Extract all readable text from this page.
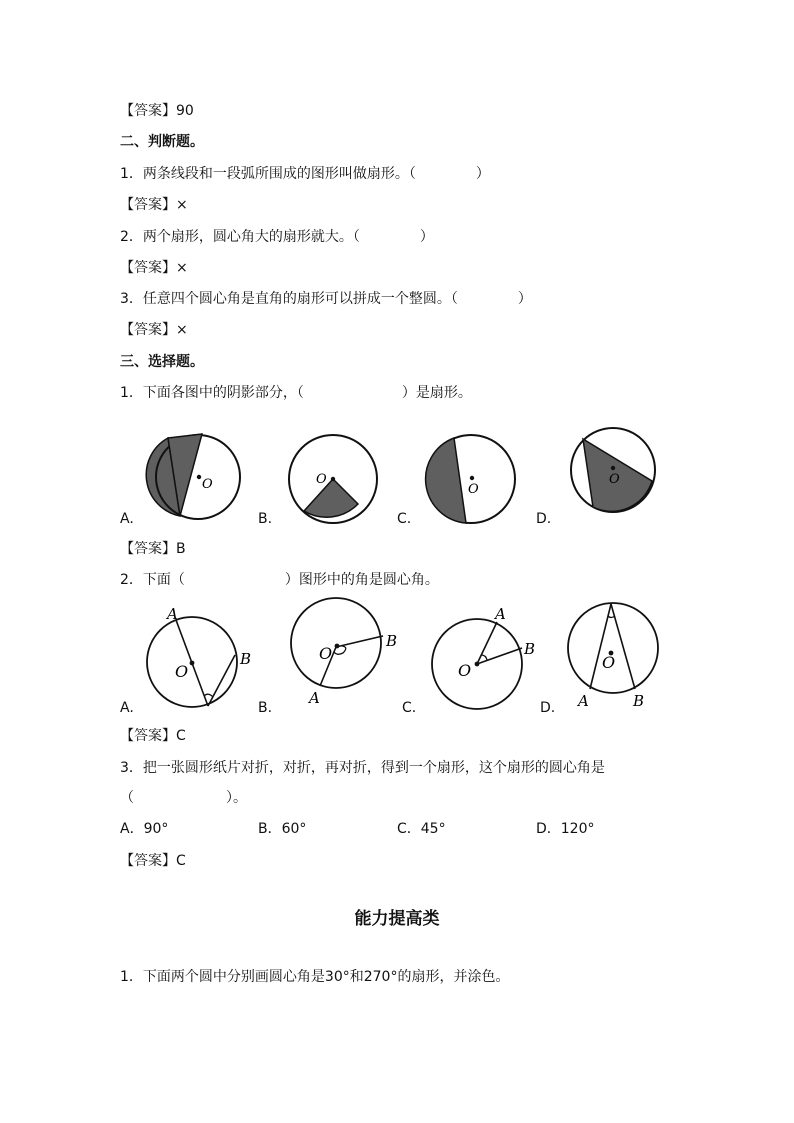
【答案】90
二、判断题。
1．两条线段和一段弧所围成的图形叫做扇形。（	）
【答案】×
2．两个扇形，圆心角大的扇形就大。（	）
【答案】×
3．任意四个圆心角是直角的扇形可以拼成一个整圆。（	）
【答案】×
三、选择题。
1．下面各图中的阴影部分，（	）是扇形。
O	O
O
O
A.	B.	C.	D.
【答案】B
2．下面（	）图形中的角是圆心角。
A
B
O
B
A
O
A
B
O	O
A	B
A.	B.	C.	D.
【答案】C
3．把一张圆形纸片对折，对折，再对折，得到一个扇形，这个扇形的圆心角是
（	）。
A．90°	B．60°	C．45°	D．120°
【答案】C
能力提高类
1．下面两个圆中分别画圆心角是30°和270°的扇形，并涂色。
